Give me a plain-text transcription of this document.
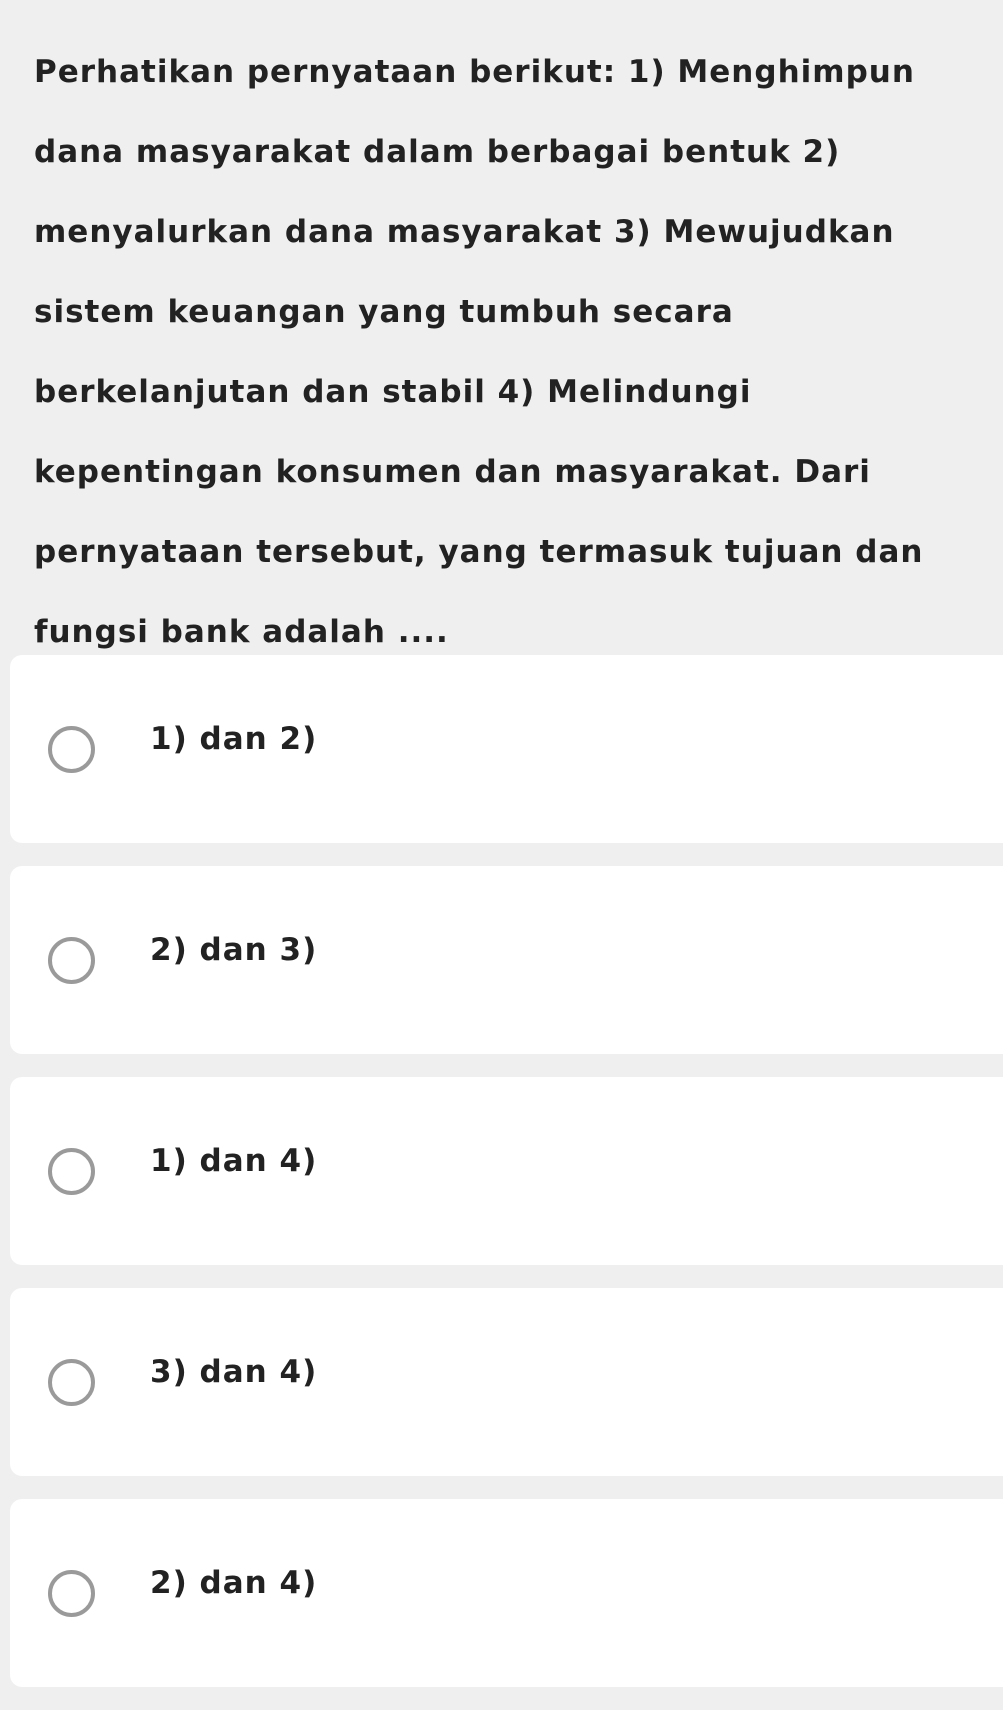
Perhatikan pernyataan berikut: 1) Menghimpun dana masyarakat dalam berbagai bentuk 2) menyalurkan dana masyarakat 3) Mewujudkan sistem keuangan yang tumbuh secara berkelanjutan dan stabil 4) Melindungi kepentingan konsumen dan masyarakat. Dari pernyataan tersebut, yang termasuk tujuan dan fungsi bank adalah ....

1) dan 2)
2) dan 3)
1) dan 4)
3) dan 4)
2) dan 4)
